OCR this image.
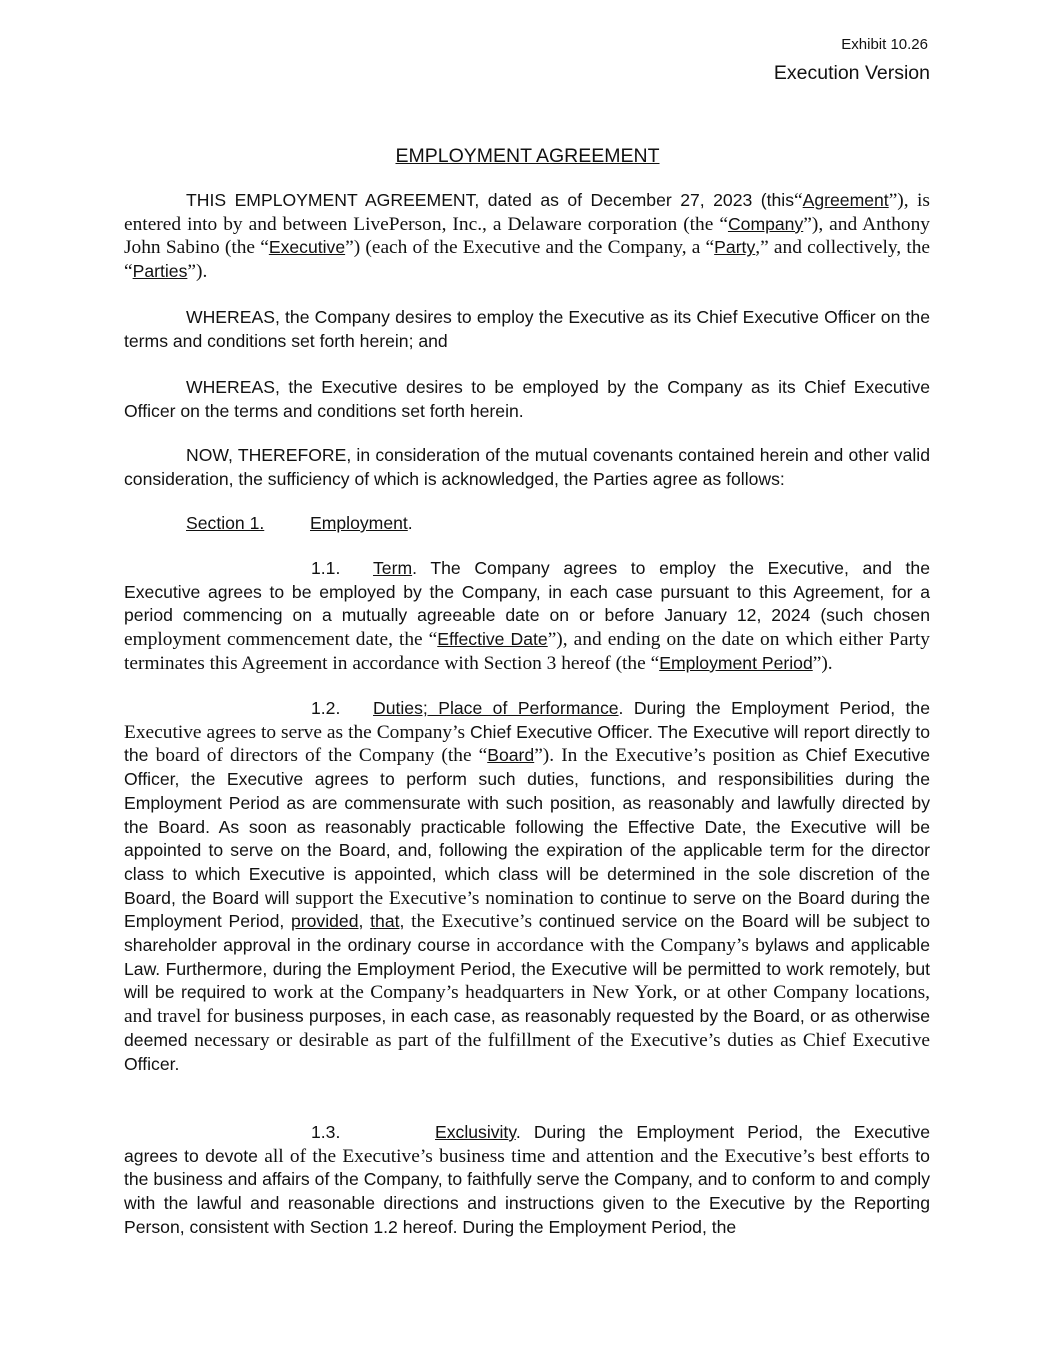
Exhibit 10.26
Execution Version
EMPLOYMENT AGREEMENT

THIS EMPLOYMENT AGREEMENT, dated as of December 27, 2023 (this“Agreement”), is entered into by and between LivePerson, Inc., a Delaware corporation (the “Company”), and Anthony John Sabino (the “Executive”) (each of the Executive and the Company, a “Party,” and collectively, the “Parties”).

WHEREAS, the Company desires to employ the Executive as its Chief Executive Officer on the terms and conditions set forth herein; and

WHEREAS, the Executive desires to be employed by the Company as its Chief Executive Officer on the terms and conditions set forth herein.

NOW, THEREFORE, in consideration of the mutual covenants contained herein and other valid consideration, the sufficiency of which is acknowledged, the Parties agree as follows:

Section 1.	Employment.

1.1. Term. The Company agrees to employ the Executive, and the Executive agrees to be employed by the Company, in each case pursuant to this Agreement, for a period commencing on a mutually agreeable date on or before January 12, 2024 (such chosen employment commencement date, the “Effective Date”), and ending on the date on which either Party terminates this Agreement in accordance with Section 3 hereof (the “Employment Period”).

1.2. Duties; Place of Performance. During the Employment Period, the Executive agrees to serve as the Company’s Chief Executive Officer. The Executive will report directly to the board of directors of the Company (the “Board”). In the Executive’s position as Chief Executive Officer, the Executive agrees to perform such duties, functions, and responsibilities during the Employment Period as are commensurate with such position, as reasonably and lawfully directed by the Board. As soon as reasonably practicable following the Effective Date, the Executive will be appointed to serve on the Board, and, following the expiration of the applicable term for the director class to which Executive is appointed, which class will be determined in the sole discretion of the Board, the Board will support the Executive’s nomination to continue to serve on the Board during the Employment Period, provided, that, the Executive’s continued service on the Board will be subject to shareholder approval in the ordinary course in accordance with the Company’s bylaws and applicable Law. Furthermore, during the Employment Period, the Executive will be permitted to work remotely, but will be required to work at the Company’s headquarters in New York, or at other Company locations, and travel for business purposes, in each case, as reasonably requested by the Board, or as otherwise deemed necessary or desirable as part of the fulfillment of the Executive’s duties as Chief Executive Officer.

1.3.	Exclusivity. During the Employment Period, the Executive agrees to devote all of the Executive’s business time and attention and the Executive’s best efforts to the business and affairs of the Company, to faithfully serve the Company, and to conform to and comply with the lawful and reasonable directions and instructions given to the Executive by the Reporting Person, consistent with Section 1.2 hereof. During the Employment Period, the
